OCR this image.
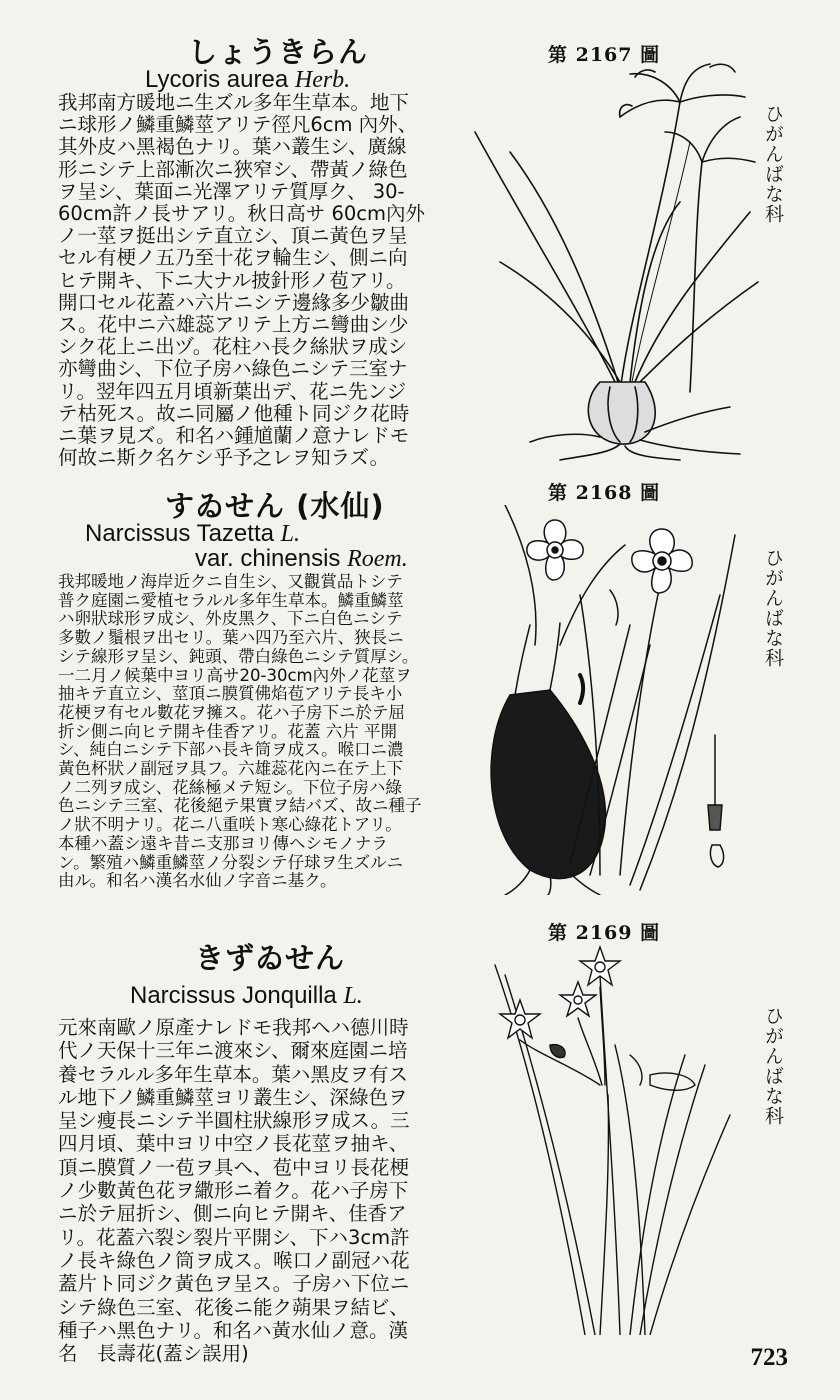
しょうきらん
Lycoris aurea Herb.
我邦南方暖地ニ生ズル多年生草本。地下
ニ球形ノ鱗重鱗莖アリテ徑凡6cm 內外、
其外皮ハ黑褐色ナリ。葉ハ叢生シ、廣線
形ニシテ上部漸次ニ狹窄シ、帶黃ノ綠色
ヲ呈シ、葉面ニ光澤アリテ質厚ク、 30-
60cm許ノ長サアリ。秋日高サ 60cm內外
ノ一莖ヲ挺出シテ直立シ、頂ニ黃色ヲ呈
セル有梗ノ五乃至十花ヲ輪生シ、側ニ向
ヒテ開キ、下ニ大ナル披針形ノ苞アリ。
開口セル花蓋ハ六片ニシテ邊緣多少皺曲
ス。花中ニ六雄蕊アリテ上方ニ彎曲シ少
シク花上ニ出ヅ。花柱ハ長ク絲狀ヲ成シ
亦彎曲シ、下位子房ハ綠色ニシテ三室ナ
リ。翌年四五月頃新葉出デ、花ニ先ンジ
テ枯死ス。故ニ同屬ノ他種ト同ジク花時
ニ葉ヲ見ズ。和名ハ鍾馗蘭ノ意ナレドモ
何故ニ斯ク名ケシ乎予之レヲ知ラズ。
第 2167 圖
ひがんばな科
すゐせん (水仙)
Narcissus Tazetta L.
var. chinensis Roem.
我邦暖地ノ海岸近クニ自生シ、又觀賞品トシテ
普ク庭園ニ愛植セラルル多年生草本。鱗重鱗莖
ハ卵狀球形ヲ成シ、外皮黑ク、下ニ白色ニシテ
多數ノ鬚根ヲ出セリ。葉ハ四乃至六片、狹長ニ
シテ線形ヲ呈シ、鈍頭、帶白綠色ニシテ質厚シ。
一二月ノ候葉中ヨリ高サ20-30cm內外ノ花莖ヲ
抽キテ直立シ、莖頂ニ膜質佛焰苞アリテ長キ小
花梗ヲ有セル數花ヲ擁ス。花ハ子房下ニ於テ屈
折シ側ニ向ヒテ開キ佳香アリ。花蓋 六片 平開
シ、純白ニシテ下部ハ長キ筒ヲ成ス。喉口ニ濃
黃色杯狀ノ副冠ヲ具フ。六雄蕊花內ニ在テ上下
ノ二列ヲ成シ、花絲極メテ短シ。下位子房ハ綠
色ニシテ三室、花後絕テ果實ヲ結バズ、故ニ種子
ノ狀不明ナリ。花ニ八重咲ト寒心綠花トアリ。
本種ハ蓋シ遠キ昔ニ支那ヨリ傳ヘシモノナラ
ン。繁殖ハ鱗重鱗莖ノ分裂シテ仔球ヲ生ズルニ
由ル。和名ハ漢名水仙ノ字音ニ基ク。
第 2168 圖
ひがんばな科
きずゐせん
Narcissus Jonquilla L.
元來南歐ノ原產ナレドモ我邦ヘハ德川時
代ノ天保十三年ニ渡來シ、爾來庭園ニ培
養セラルル多年生草本。葉ハ黑皮ヲ有ス
ル地下ノ鱗重鱗莖ヨリ叢生シ、深綠色ヲ
呈シ瘦長ニシテ半圓柱狀線形ヲ成ス。三
四月頃、葉中ヨリ中空ノ長花莖ヲ抽キ、
頂ニ膜質ノ一苞ヲ具ヘ、苞中ヨリ長花梗
ノ少數黃色花ヲ繖形ニ着ク。花ハ子房下
ニ於テ屈折シ、側ニ向ヒテ開キ、佳香ア
リ。花蓋六裂シ裂片平開シ、下ハ3cm許
ノ長キ綠色ノ筒ヲ成ス。喉口ノ副冠ハ花
蓋片ト同ジク黃色ヲ呈ス。子房ハ下位ニ
シテ綠色三室、花後ニ能ク蒴果ヲ結ビ、
種子ハ黑色ナリ。和名ハ黃水仙ノ意。漢
名　長壽花(蓋シ誤用)
第 2169 圖
ひがんばな科
723
